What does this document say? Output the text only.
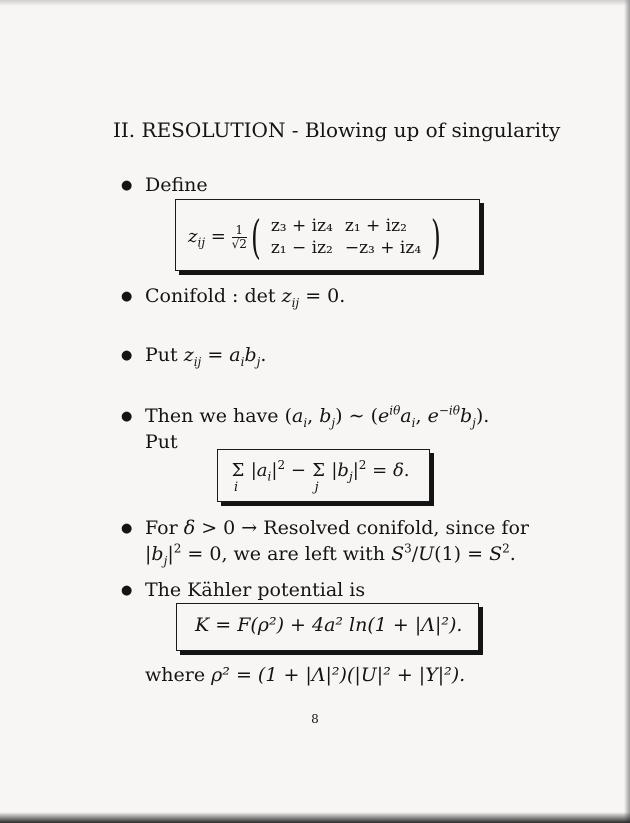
II. RESOLUTION - Blowing up of singularity
● Define
$z_{ij} = \frac{1}{√2}$ ( z₃ + iz₄	z₁ + iz₂
z₁ − iz₂	−z₃ + iz₄ )
● Conifold : $\det z_{ij} = 0$.
● Put $z_{ij} = a_ib_j$.
● Then we have ($a_i$, $b_j$) ∼ ($e^{i\theta}a_i$, $e^{-i\theta}b_j$).
Put
Σ
i
$|a_i|^2 - \Sigma$
j
$|b_j|^2 = \delta$.
● For δ > 0 → Resolved conifold, since for
$|b_j|^2 = 0$, we are left with $S^3/U(1) = S^2$.
● The Kähler potential is
K = F(ρ²) + 4a² ln(1 + |Λ|²).
where ρ² = (1 + |Λ|²)(|U|² + |Y|²).
8
